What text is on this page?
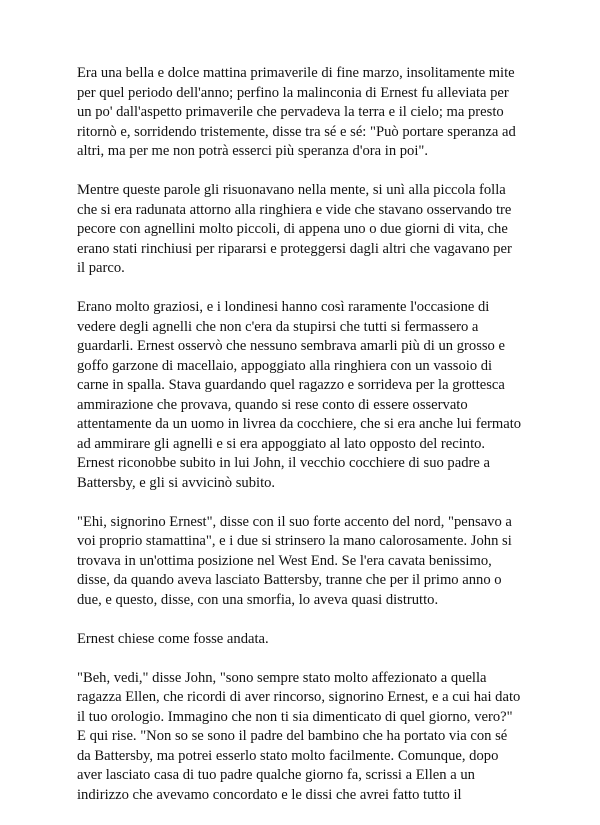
Era una bella e dolce mattina primaverile di fine marzo, insolitamente mite
per quel periodo dell'anno; perfino la malinconia di Ernest fu alleviata per
un po' dall'aspetto primaverile che pervadeva la terra e il cielo; ma presto
ritornò e, sorridendo tristemente, disse tra sé e sé: "Può portare speranza ad
altri, ma per me non potrà esserci più speranza d'ora in poi".

Mentre queste parole gli risuonavano nella mente, si unì alla piccola folla
che si era radunata attorno alla ringhiera e vide che stavano osservando tre
pecore con agnellini molto piccoli, di appena uno o due giorni di vita, che
erano stati rinchiusi per ripararsi e proteggersi dagli altri che vagavano per
il parco.

Erano molto graziosi, e i londinesi hanno così raramente l'occasione di
vedere degli agnelli che non c'era da stupirsi che tutti si fermassero a
guardarli. Ernest osservò che nessuno sembrava amarli più di un grosso e
goffo garzone di macellaio, appoggiato alla ringhiera con un vassoio di
carne in spalla. Stava guardando quel ragazzo e sorrideva per la grottesca
ammirazione che provava, quando si rese conto di essere osservato
attentamente da un uomo in livrea da cocchiere, che si era anche lui fermato
ad ammirare gli agnelli e si era appoggiato al lato opposto del recinto.
Ernest riconobbe subito in lui John, il vecchio cocchiere di suo padre a
Battersby, e gli si avvicinò subito.

"Ehi, signorino Ernest", disse con il suo forte accento del nord, "pensavo a
voi proprio stamattina", e i due si strinsero la mano calorosamente. John si
trovava in un'ottima posizione nel West End. Se l'era cavata benissimo,
disse, da quando aveva lasciato Battersby, tranne che per il primo anno o
due, e questo, disse, con una smorfia, lo aveva quasi distrutto.

Ernest chiese come fosse andata.

"Beh, vedi," disse John, "sono sempre stato molto affezionato a quella
ragazza Ellen, che ricordi di aver rincorso, signorino Ernest, e a cui hai dato
il tuo orologio. Immagino che non ti sia dimenticato di quel giorno, vero?"
E qui rise. "Non so se sono il padre del bambino che ha portato via con sé
da Battersby, ma potrei esserlo stato molto facilmente. Comunque, dopo
aver lasciato casa di tuo padre qualche giorno fa, scrissi a Ellen a un
indirizzo che avevamo concordato e le dissi che avrei fatto tutto il
